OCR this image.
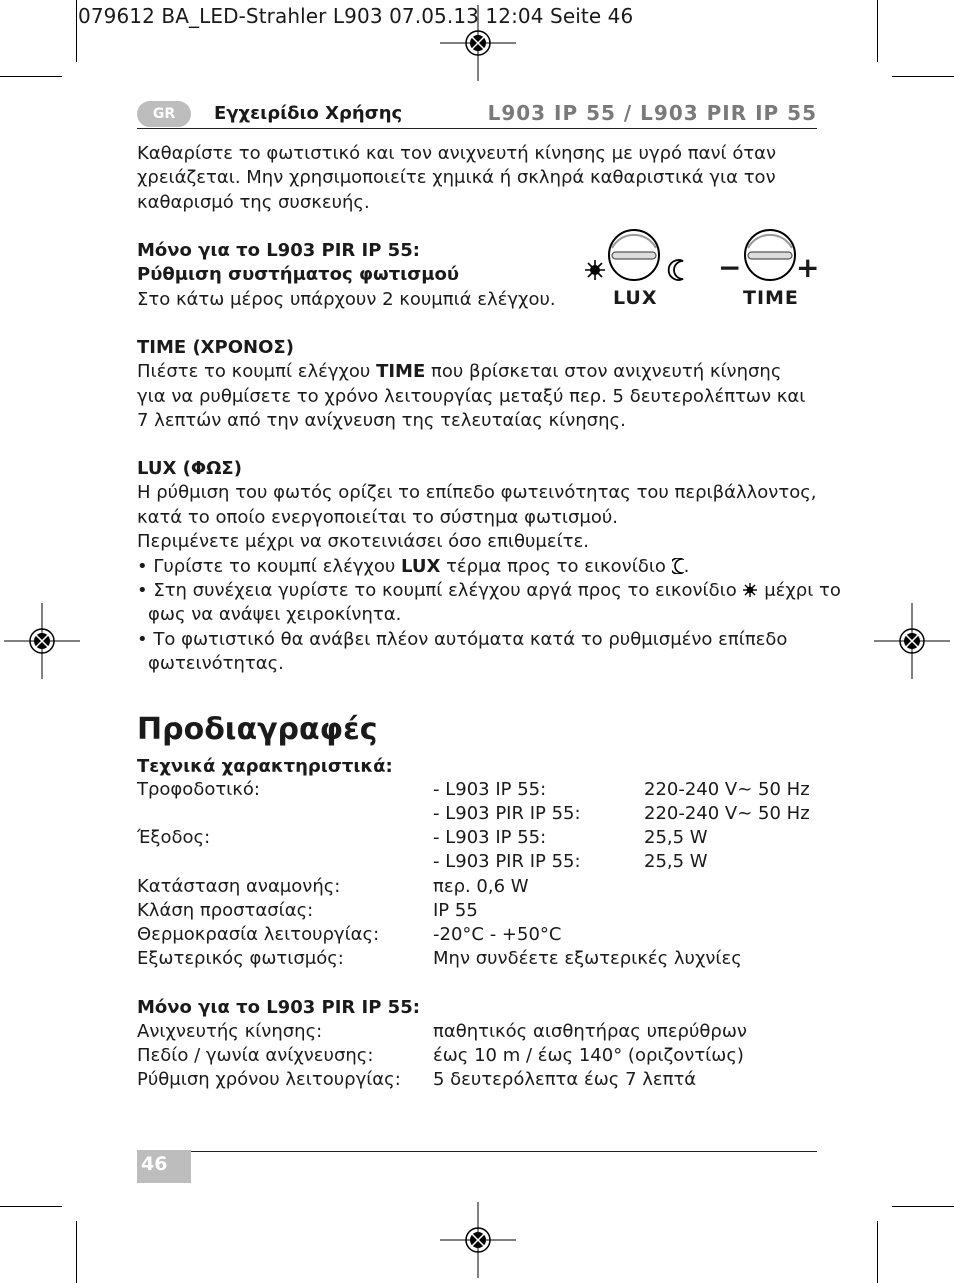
079612 BA_LED-Strahler L903 07.05.13 12:04 Seite 46
GR	Εγχειρίδιο Χρήσης	L903 IP 55 / L903 PIR IP 55

Καθαρίστε το φωτιστικό και τον ανιχνευτή κίνησης με υγρό πανί όταν

χρειάζεται. Μην χρησιμοποιείτε χημικά ή σκληρά καθαριστικά για τον

καθαρισμό της συσκευής.

Μόνο για το L903 PIR IP 55:

Ρύθμιση συστήματος φωτισμού

Στο κάτω μέρος υπάρχουν 2 κουμπιά ελέγχου.	LUX
− +
TIME

TIME (ΧΡΟΝΟΣ)

Πιέστε το κουμπί ελέγχου TIME που βρίσκεται στον ανιχνευτή κίνησης

για να ρυθμίσετε το χρόνο λειτουργίας μεταξύ περ. 5 δευτερολέπτων και

7 λεπτών από την ανίχνευση της τελευταίας κίνησης.

LUX (ΦΩΣ)

Η ρύθμιση του φωτός ορίζει το επίπεδο φωτεινότητας του περιβάλλοντος,

κατά το οποίο ενεργοποιείται το σύστημα φωτισμού.

Περιμένετε μέχρι να σκοτεινιάσει όσο επιθυμείτε.

• Γυρίστε το κουμπί ελέγχου LUX τέρμα προς το εικονίδιο .

• Στη συνέχεια γυρίστε το κουμπί ελέγχου αργά προς το εικονίδιο  μέχρι το

φως να ανάψει χειροκίνητα.

• Το φωτιστικό θα ανάβει πλέον αυτόματα κατά το ρυθμισμένο επίπεδο

φωτεινότητας.

Προδιαγραφές
Τεχνικά χαρακτηριστικά:
Τροφοδοτικό:	- L903 IP 55:	220-240 V~ 50 Hz
- L903 PIR IP 55:	220-240 V~ 50 Hz
Έξοδος:	- L903 IP 55:	25,5 W
- L903 PIR IP 55:	25,5 W
Κατάσταση αναμονής:	περ. 0,6 W
Κλάση προστασίας:	IP 55
Θερμοκρασία λειτουργίας:	-20°C - +50°C
Εξωτερικός φωτισμός:	Μην συνδέετε εξωτερικές λυχνίες
Μόνο για το L903 PIR IP 55:
Ανιχνευτής κίνησης:	παθητικός αισθητήρας υπερύθρων
Πεδίο / γωνία ανίχνευσης:	έως 10 m / έως 140° (οριζοντίως)
Ρύθμιση χρόνου λειτουργίας: 5 δευτερόλεπτα έως 7 λεπτά
46
